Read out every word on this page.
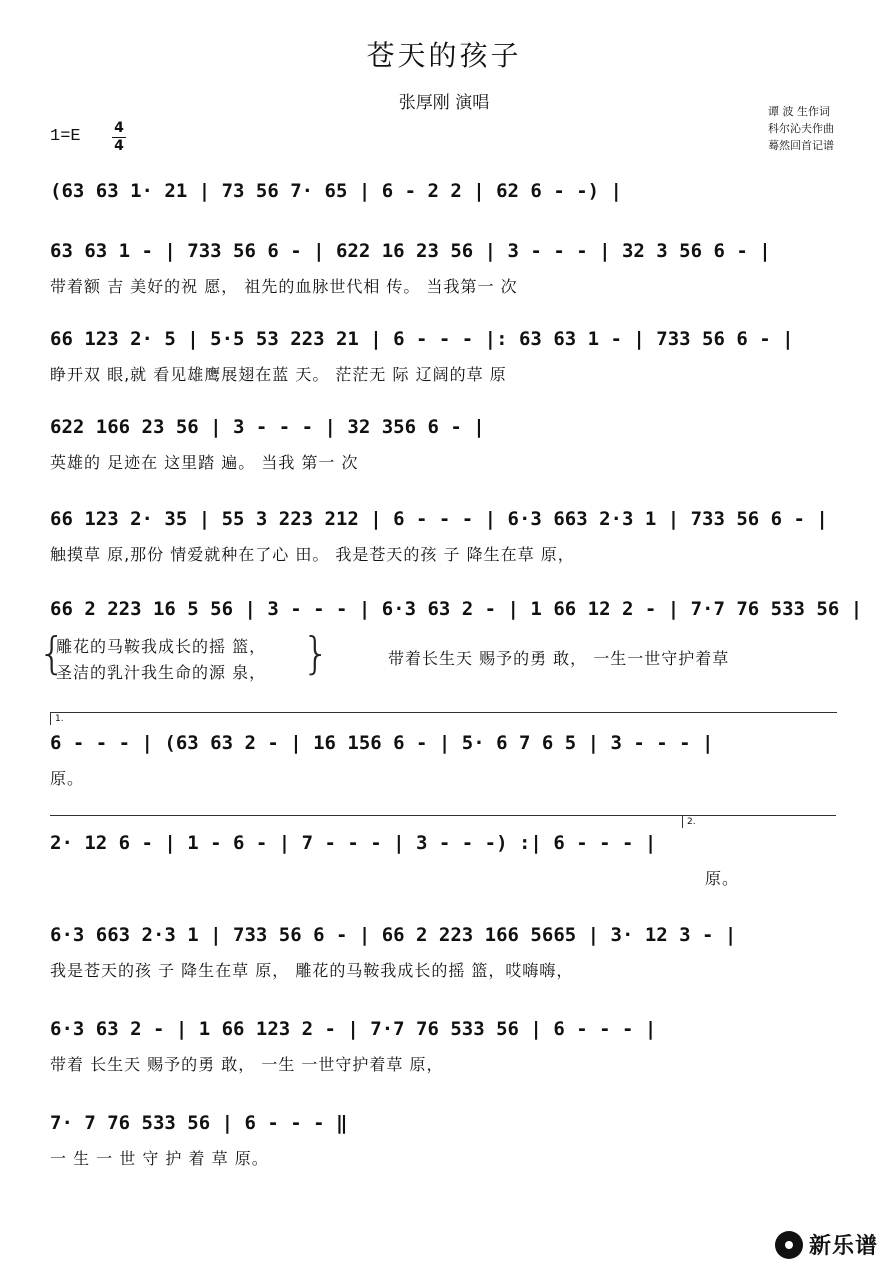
苍天的孩子
张厚刚 演唱
1=E 4
4
谭 波 生作词
科尔沁夫作曲
蓦然回首记谱
(63 63 1· 21 | 73 56 7· 65 | 6 - 2 2 | 62 6 - -) |
63 63 1 - | 733 56 6 - | 622 16 23 56 | 3 - - - | 32 3 56 6 - |
带着额 吉 美好的祝 愿， 祖先的血脉世代相 传。 当我第一 次
66 123 2· 5 | 5·5 53 223 21 | 6 - - - |: 63 63 1 - | 733 56 6 - |
睁开双 眼,就 看见雄鹰展翅在蓝 天。 茫茫无 际 辽阔的草 原
622 166 23 56 | 3 - - - | 32 356 6 - |
英雄的 足迹在 这里踏 遍。 当我 第一 次
66 123 2· 35 | 55 3 223 212 | 6 - - - | 6·3 663 2·3 1 | 733 56 6 - |
触摸草 原,那份 情爱就种在了心 田。 我是苍天的孩 子 降生在草 原，
66 2 223 16 5 56 | 3 - - - | 6·3 63 2 - | 1 66 12 2 - | 7·7 76 533 56 |
{
雕花的马鞍我成长的摇 篮，
圣洁的乳汁我生命的源 泉， }	带着长生天 赐予的勇 敢， 一生一世守护着草
1.
6 - - - | (63 63 2 - | 16 156 6 - | 5· 6 7 6 5 | 3 - - - |
原。
2· 12 6 - | 1 - 6 - | 7 - - - | 3 - - -) :| 6 - - - |
原。
2.
6·3 663 2·3 1 | 733 56 6 - | 66 2 223 166 5665 | 3· 12 3 - |
我是苍天的孩 子 降生在草 原， 雕花的马鞍我成长的摇 篮，哎嗨嗨，
6·3 63 2 - | 1 66 123 2 - | 7·7 76 533 56 | 6 - - - |
带着 长生天 赐予的勇 敢， 一生 一世守护着草 原，
7· 7 76 533 56 | 6 - - - ‖
一 生 一 世 守 护 着 草 原。
新乐谱
